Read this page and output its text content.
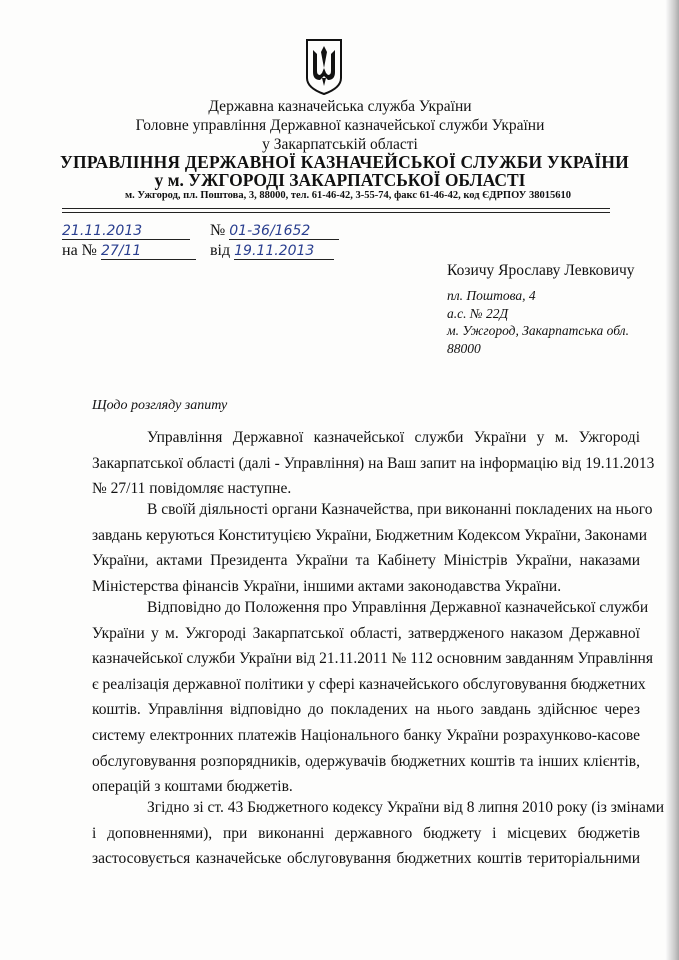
Державна казначейська служба України
Головне управління Державної казначейської служби України
у Закарпатській області
УПРАВЛІННЯ ДЕРЖАВНОЇ КАЗНАЧЕЙСЬКОЇ СЛУЖБИ УКРАЇНИ
у м. УЖГОРОДІ ЗАКАРПАТСЬКОЇ ОБЛАСТІ
м. Ужгород, пл. Поштова, 3, 88000, тел. 61-46-42, 3-55-74, факс 61-46-42, код ЄДРПОУ 38015610
21.11.2013	№ 01-36/1652
на № 27/11	від 19.11.2013
Козичу Ярославу Левковичу
пл. Поштова, 4
а.с. № 22Д
м. Ужгород, Закарпатська обл.
88000
Щодо розгляду запиту
Управління Державної казначейської служби України у м. Ужгороді
Закарпатської області (далі - Управління) на Ваш запит на інформацію від 19.11.2013
№ 27/11 повідомляє наступне.
В своїй діяльності органи Казначейства, при виконанні покладених на нього
завдань керуються Конституцією України, Бюджетним Кодексом України, Законами
України, актами Президента України та Кабінету Міністрів України, наказами
Міністерства фінансів України, іншими актами законодавства України.
Відповідно до Положення про Управління Державної казначейської служби
України у м. Ужгороді Закарпатської області, затвердженого наказом Державної
казначейської служби України від 21.11.2011 № 112 основним завданням Управління
є реалізація державної політики у сфері казначейського обслуговування бюджетних
коштів. Управління відповідно до покладених на нього завдань здійснює через
систему електронних платежів Національного банку України розрахунково-касове
обслуговування розпорядників, одержувачів бюджетних коштів та інших клієнтів,
операцій з коштами бюджетів.
Згідно зі ст. 43 Бюджетного кодексу України від 8 липня 2010 року (із змінами
і доповненнями), при виконанні державного бюджету і місцевих бюджетів
застосовується казначейське обслуговування бюджетних коштів територіальними
